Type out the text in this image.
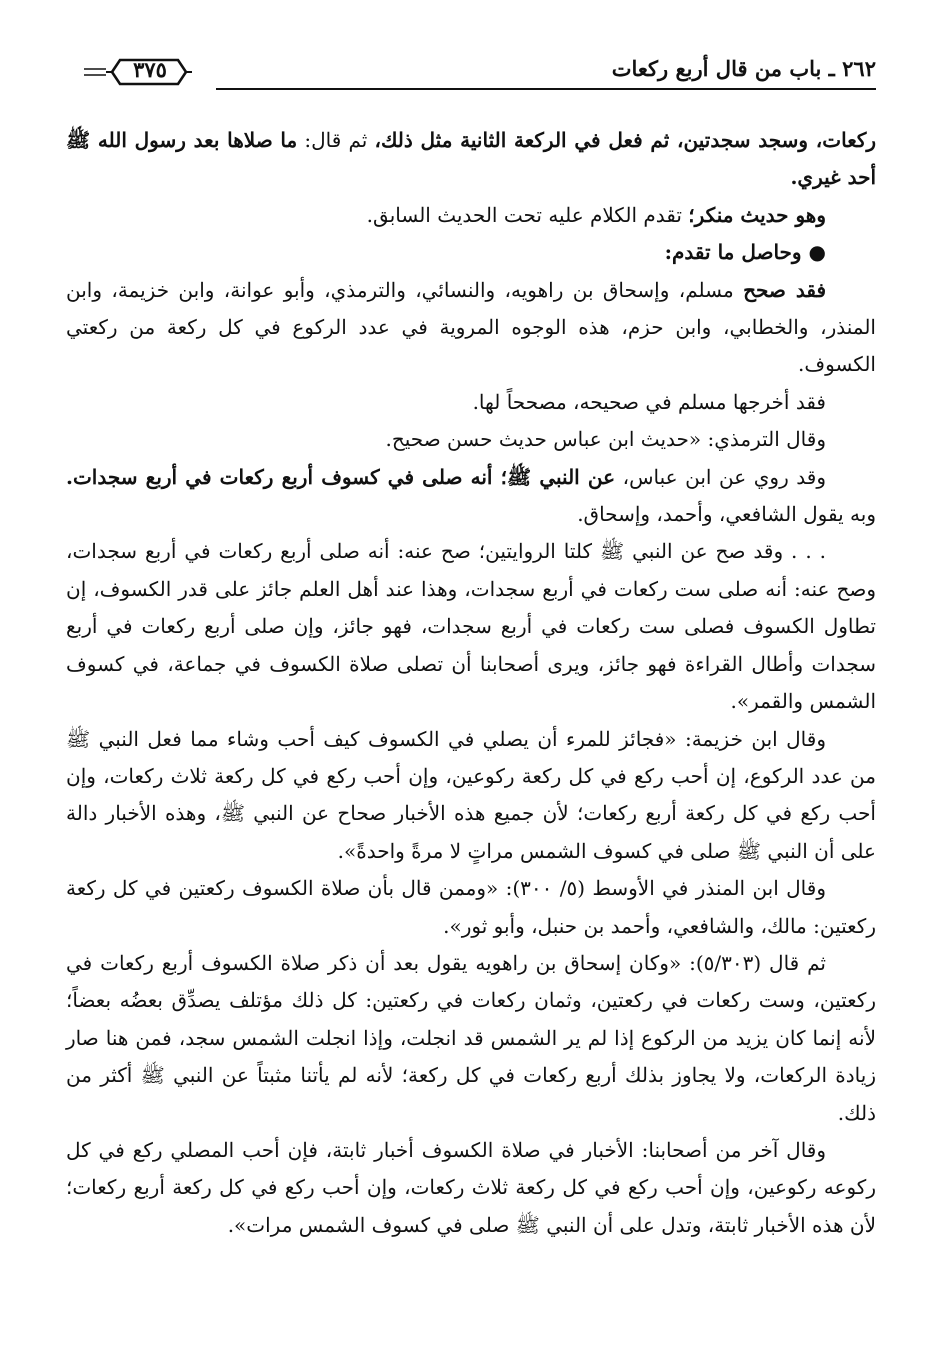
٢٦٢ ـ باب من قال أربع ركعات
٣٧٥

ركعات، وسجد سجدتين، ثم فعل في الركعة الثانية مثل ذلك، ثم قال: ما صلاها بعد رسول الله ﷺ أحد غيري.

وهو حديث منكر؛ تقدم الكلام عليه تحت الحديث السابق.

● وحاصل ما تقدم:

فقد صحح مسلم، وإسحاق بن راهويه، والنسائي، والترمذي، وأبو عوانة، وابن خزيمة، وابن المنذر، والخطابي، وابن حزم، هذه الوجوه المروية في عدد الركوع في كل ركعة من ركعتي الكسوف.

فقد أخرجها مسلم في صحيحه، مصححاً لها.

وقال الترمذي: «حديث ابن عباس حديث حسن صحيح.

وقد روي عن ابن عباس، عن النبي ﷺ؛ أنه صلى في كسوف أربع ركعات في أربع سجدات. وبه يقول الشافعي، وأحمد، وإسحاق.

. . . وقد صح عن النبي ﷺ كلتا الروايتين؛ صح عنه: أنه صلى أربع ركعات في أربع سجدات، وصح عنه: أنه صلى ست ركعات في أربع سجدات، وهذا عند أهل العلم جائز على قدر الكسوف، إن تطاول الكسوف فصلى ست ركعات في أربع سجدات، فهو جائز، وإن صلى أربع ركعات في أربع سجدات وأطال القراءة فهو جائز، ويرى أصحابنا أن تصلى صلاة الكسوف في جماعة، في كسوف الشمس والقمر».

وقال ابن خزيمة: «فجائز للمرء أن يصلي في الكسوف كيف أحب وشاء مما فعل النبي ﷺ من عدد الركوع، إن أحب ركع في كل ركعة ركوعين، وإن أحب ركع في كل ركعة ثلاث ركعات، وإن أحب ركع في كل ركعة أربع ركعات؛ لأن جميع هذه الأخبار صحاح عن النبي ﷺ، وهذه الأخبار دالة على أن النبي ﷺ صلى في كسوف الشمس مراتٍ لا مرةً واحدةً».

وقال ابن المنذر في الأوسط (٥/ ٣٠٠): «وممن قال بأن صلاة الكسوف ركعتين في كل ركعة ركعتين: مالك، والشافعي، وأحمد بن حنبل، وأبو ثور».

ثم قال (٥/٣٠٣): «وكان إسحاق بن راهويه يقول بعد أن ذكر صلاة الكسوف أربع ركعات في ركعتين، وست ركعات في ركعتين، وثمان ركعات في ركعتين: كل ذلك مؤتلف يصدِّق بعضُه بعضاً؛ لأنه إنما كان يزيد من الركوع إذا لم ير الشمس قد انجلت، وإذا انجلت الشمس سجد، فمن هنا صار زيادة الركعات، ولا يجاوز بذلك أربع ركعات في كل ركعة؛ لأنه لم يأتنا مثبتاً عن النبي ﷺ أكثر من ذلك.

وقال آخر من أصحابنا: الأخبار في صلاة الكسوف أخبار ثابتة، فإن أحب المصلي ركع في كل ركوعه ركوعين، وإن أحب ركع في كل ركعة ثلاث ركعات، وإن أحب ركع في كل ركعة أربع ركعات؛ لأن هذه الأخبار ثابتة، وتدل على أن النبي ﷺ صلى في كسوف الشمس مرات».
